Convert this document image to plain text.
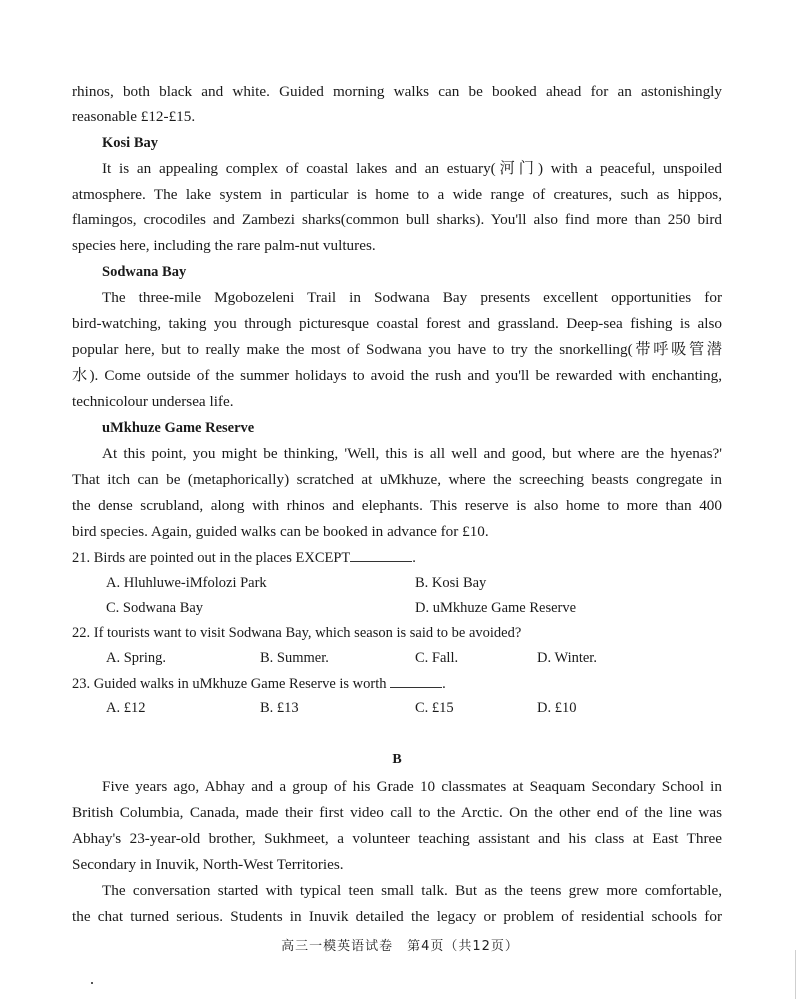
rhinos, both black and white. Guided morning walks can be booked ahead for an astonishingly
reasonable £12-£15.
Kosi Bay
It is an appealing complex of coastal lakes and an estuary(河门) with a peaceful, unspoiled
atmosphere. The lake system in particular is home to a wide range of creatures, such as hippos,
flamingos, crocodiles and Zambezi sharks(common bull sharks). You'll also find more than 250 bird
species here, including the rare palm-nut vultures.
Sodwana Bay
The three-mile Mgobozeleni Trail in Sodwana Bay presents excellent opportunities for
bird-watching, taking you through picturesque coastal forest and grassland. Deep-sea fishing is also
popular here, but to really make the most of Sodwana you have to try the snorkelling(带呼吸管潜
水). Come outside of the summer holidays to avoid the rush and you'll be rewarded with enchanting,
technicolour undersea life.
uMkhuze Game Reserve
At this point, you might be thinking, 'Well, this is all well and good, but where are the hyenas?'
That itch can be (metaphorically) scratched at uMkhuze, where the screeching beasts congregate in
the dense scrubland, along with rhinos and elephants. This reserve is also home to more than 400
bird species. Again, guided walks can be booked in advance for £10.
21. Birds are pointed out in the places EXCEPT	.
A. Hluhluwe-iMfolozi Park	B. Kosi Bay
C. Sodwana Bay	D. uMkhuze Game Reserve
22. If tourists want to visit Sodwana Bay, which season is said to be avoided?
A. Spring.	B. Summer.	C. Fall.	D. Winter.
23. Guided walks in uMkhuze Game Reserve is worth	.
A. £12	B. £13	C. £15	D. £10
B
Five years ago, Abhay and a group of his Grade 10 classmates at Seaquam Secondary School in
British Columbia, Canada, made their first video call to the Arctic. On the other end of the line was
Abhay's 23-year-old brother, Sukhmeet, a volunteer teaching assistant and his class at East Three
Secondary in Inuvik, North-West Territories.
The conversation started with typical teen small talk. But as the teens grew more comfortable,
the chat turned serious. Students in Inuvik detailed the legacy or problem of residential schools for
高三一模英语试卷　第4页（共12页）
